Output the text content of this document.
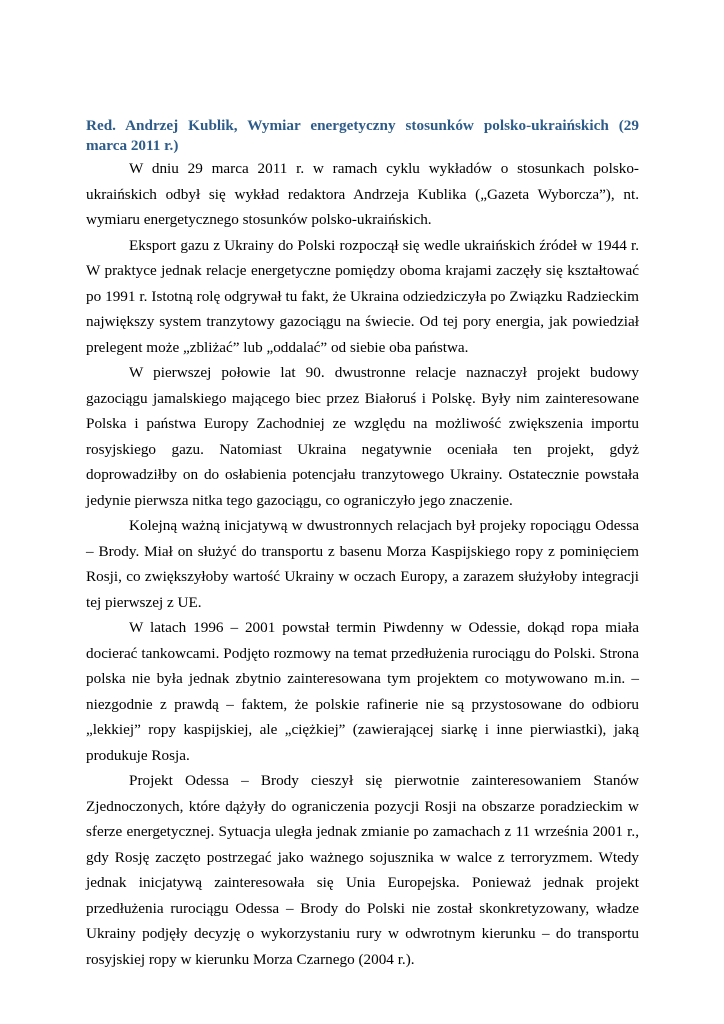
Red. Andrzej Kublik, Wymiar energetyczny stosunków polsko-ukraińskich (29 marca 2011 r.)

W dniu 29 marca 2011 r. w ramach cyklu wykładów o stosunkach polsko-ukraińskich odbył się wykład redaktora Andrzeja Kublika („Gazeta Wyborcza”), nt. wymiaru energetycznego stosunków polsko-ukraińskich.

Eksport gazu z Ukrainy do Polski rozpoczął się wedle ukraińskich źródeł w 1944 r. W praktyce jednak relacje energetyczne pomiędzy oboma krajami zaczęły się kształtować po 1991 r. Istotną rolę odgrywał tu fakt, że Ukraina odziedziczyła po Związku Radzieckim największy system tranzytowy gazociągu na świecie. Od tej pory energia, jak powiedział prelegent może „zbliżać” lub „oddalać” od siebie oba państwa.

W pierwszej połowie lat 90. dwustronne relacje naznaczył projekt budowy gazociągu jamalskiego mającego biec przez Białoruś i Polskę. Były nim zainteresowane Polska i państwa Europy Zachodniej ze względu na możliwość zwiększenia importu rosyjskiego gazu. Natomiast Ukraina negatywnie oceniała ten projekt, gdyż doprowadziłby on do osłabienia potencjału tranzytowego Ukrainy. Ostatecznie powstała jedynie pierwsza nitka tego gazociągu, co ograniczyło jego znaczenie.

Kolejną ważną inicjatywą w dwustronnych relacjach był projeky ropociągu Odessa – Brody. Miał on służyć do transportu z basenu Morza Kaspijskiego ropy z pominięciem Rosji, co zwiększyłoby wartość Ukrainy w oczach Europy, a zarazem służyłoby integracji tej pierwszej z UE.

W latach 1996 – 2001 powstał termin Piwdenny w Odessie, dokąd ropa miała docierać tankowcami. Podjęto rozmowy na temat przedłużenia rurociągu do Polski. Strona polska nie była jednak zbytnio zainteresowana tym projektem co motywowano m.in. – niezgodnie z prawdą – faktem, że polskie rafinerie nie są przystosowane do odbioru „lekkiej” ropy kaspijskiej, ale „ciężkiej” (zawierającej siarkę i inne pierwiastki), jaką produkuje Rosja.

Projekt Odessa – Brody cieszył się pierwotnie zainteresowaniem Stanów Zjednoczonych, które dążyły do ograniczenia pozycji Rosji na obszarze poradzieckim w sferze energetycznej. Sytuacja uległa jednak zmianie po zamachach z 11 września 2001 r., gdy Rosję zaczęto postrzegać jako ważnego sojusznika w walce z terroryzmem. Wtedy jednak inicjatywą zainteresowała się Unia Europejska. Ponieważ jednak projekt przedłużenia rurociągu Odessa – Brody do Polski nie został skonkretyzowany, władze Ukrainy podjęły decyzję o wykorzystaniu rury w odwrotnym kierunku – do transportu rosyjskiej ropy w kierunku Morza Czarnego (2004 r.).
